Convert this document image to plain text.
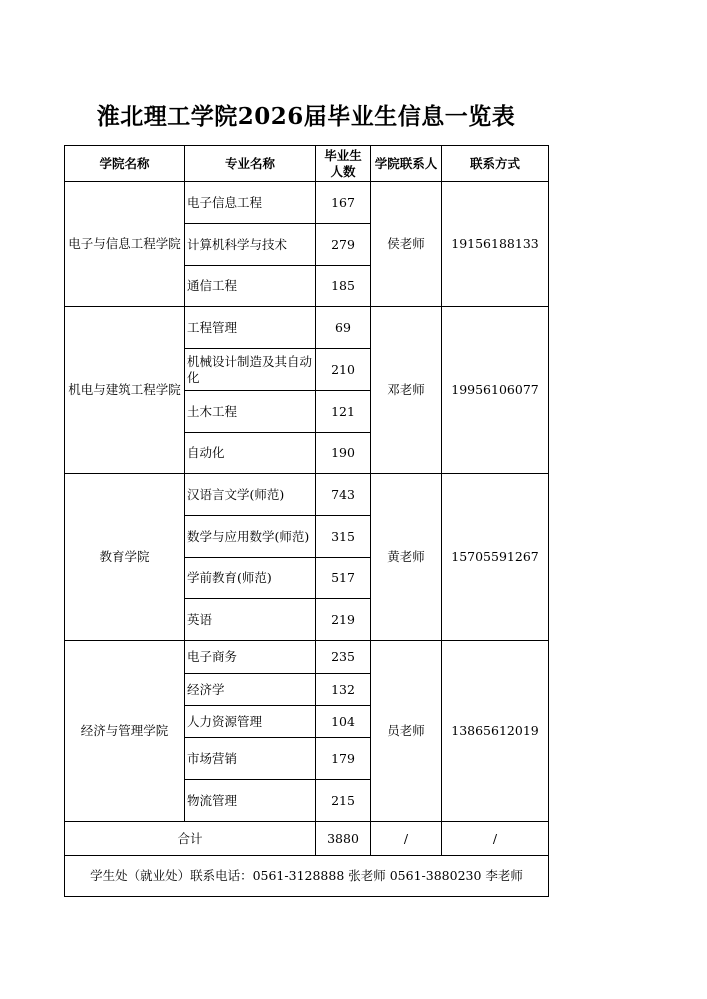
淮北理工学院2026届毕业生信息一览表
学院名称	专业名称	毕业生人数	学院联系人	联系方式
电子与信息工程学院	电子信息工程	167	侯老师	19156188133
	计算机科学与技术	279		
	通信工程	185		
机电与建筑工程学院	工程管理	69	邓老师	19956106077
	机械设计制造及其自动化	210		
	土木工程	121		
	自动化	190		
教育学院	汉语言文学(师范)	743	黄老师	15705591267
	数学与应用数学(师范)	315		
	学前教育(师范)	517		
	英语	219		
经济与管理学院	电子商务	235	员老师	13865612019
	经济学	132		
	人力资源管理	104		
	市场营销	179		
	物流管理	215		
合计		3880	/	/
学生处（就业处）联系电话：0561-3128888 张老师 0561-3880230 李老师				
